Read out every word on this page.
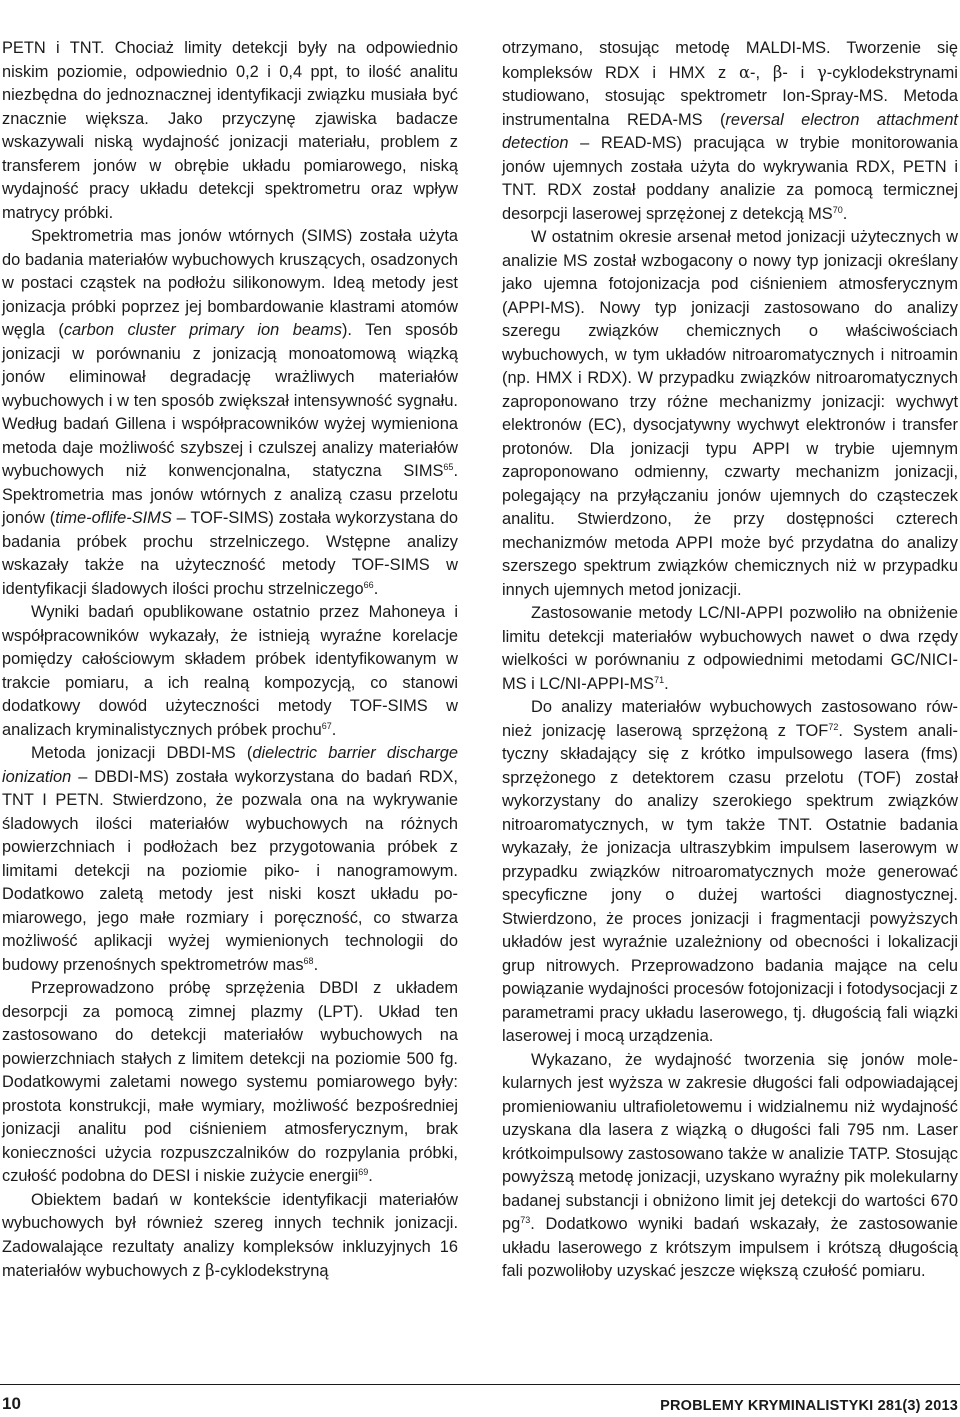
PETN i TNT. Chociaż limity detekcji były na odpowiednio niskim poziomie, odpowiednio 0,2 i 0,4 ppt, to ilość analitu niezbędna do jednoznacznej identyfikacji związku musiała być znacznie większa. Jako przyczynę zjawiska badacze wskazywali niską wydajność jonizacji materiału, problem z transferem jonów w obrębie układu pomiarowego, niską wydajność pracy układu detekcji spektrometru oraz wpływ matrycy próbki.

Spektrometria mas jonów wtórnych (SIMS) została użyta do badania materiałów wybuchowych kruszących, osadzonych w postaci cząstek na podłożu silikonowym. Ideą metody jest jonizacja próbki poprzez jej bombardowanie klastrami atomów węgla (carbon cluster primary ion beams). Ten sposób jonizacji w porównaniu z jonizacją monoatomową wiązką jonów eliminował degradację wrażliwych materiałów wybuchowych i w ten sposób zwiększał intensywność sygnału. Według badań Gillena i współpracowników wyżej wymieniona metoda daje możliwość szybszej i czulszej analizy materiałów wybuchowych niż konwencjonalna, statyczna SIMS$^{65}$. Spektrometria mas jonów wtórnych z analizą czasu przelotu jonów (time-oflife-SIMS – TOF-SIMS) została wykorzystana do badania próbek prochu strzelniczego. Wstępne analizy wskazały także na użyteczność metody TOF-SIMS w identyfikacji śladowych ilości prochu strzelniczego$^{66}$.

Wyniki badań opublikowane ostatnio przez Mahoneya i współpracowników wykazały, że istnieją wyraźne korelacje pomiędzy całościowym składem próbek identyfikowanym w trakcie pomiaru, a ich realną kompozycją, co stanowi dodatkowy dowód użyteczności metody TOF-SIMS w analizach kryminalistycznych próbek prochu$^{67}$.

Metoda jonizacji DBDI-MS (dielectric barrier discharge ionization – DBDI-MS) została wykorzystana do badań RDX, TNT I PETN. Stwierdzono, że pozwala ona na wykrywanie śladowych ilości materiałów wybuchowych na różnych powierzchniach i podłożach bez przygotowania próbek z limitami detekcji na poziomie piko- i nanogramowym. Dodatkowo zaletą metody jest niski koszt układu pomiarowego, jego małe rozmiary i poręczność, co stwarza możliwość aplikacji wyżej wymienionych technologii do budowy przenośnych spektrometrów mas$^{68}$.

Przeprowadzono próbę sprzężenia DBDI z układem desorpcji za pomocą zimnej plazmy (LPT). Układ ten zastosowano do detekcji materiałów wybuchowych na powierzchniach stałych z limitem detekcji na poziomie 500 fg. Dodatkowymi zaletami nowego systemu pomiarowego były: prostota konstrukcji, małe wymiary, możliwość bezpośredniej jonizacji analitu pod ciśnieniem atmosferycznym, brak konieczności użycia rozpuszczalników do rozpylania próbki, czułość podobna do DESI i niskie zużycie energii$^{69}$.

Obiektem badań w kontekście identyfikacji materiałów wybuchowych był również szereg innych technik jonizacji. Zadowalające rezultaty analizy kompleksów inkluzyjnych 16 materiałów wybuchowych z β-cyklodekstryną

otrzymano, stosując metodę MALDI-MS. Tworzenie się kompleksów RDX i HMX z α-, β- i γ-cyklodekstrynami studiowano, stosując spektrometr Ion-Spray-MS. Metoda instrumentalna REDA-MS (reversal electron attachment detection – READ-MS) pracująca w trybie monitorowania jonów ujemnych została użyta do wykrywania RDX, PETN i TNT. RDX został poddany analizie za pomocą termicznej desorpcji laserowej sprzężonej z detekcją MS$^{70}$.

W ostatnim okresie arsenał metod jonizacji użytecznych w analizie MS został wzbogacony o nowy typ jonizacji określany jako ujemna fotojonizacja pod ciśnieniem atmosferycznym (APPI-MS). Nowy typ jonizacji zastosowano do analizy szeregu związków chemicznych o właściwościach wybuchowych, w tym układów nitroaromatycznych i nitroamin (np. HMX i RDX). W przypadku związków nitroaromatycznych zaproponowano trzy różne mechanizmy jonizacji: wychwyt elektronów (EC), dysocjatywny wychwyt elektronów i transfer protonów. Dla jonizacji typu APPI w trybie ujemnym zaproponowano odmienny, czwarty mechanizm jonizacji, polegający na przyłączaniu jonów ujemnych do cząsteczek analitu. Stwierdzono, że przy dostępności czterech mechanizmów metoda APPI może być przydatna do analizy szerszego spektrum związków chemicznych niż w przypadku innych ujemnych metod jonizacji.

Zastosowanie metody LC/NI-APPI pozwoliło na obniżenie limitu detekcji materiałów wybuchowych nawet o dwa rzędy wielkości w porównaniu z odpowiednimi metodami GC/NICI-MS i LC/NI-APPI-MS$^{71}$.

Do analizy materiałów wybuchowych zastosowano również jonizację laserową sprzężoną z TOF$^{72}$. System analityczny składający się z krótko impulsowego lasera (fms) sprzężonego z detektorem czasu przelotu (TOF) został wykorzystany do analizy szerokiego spektrum związków nitroaromatycznych, w tym także TNT. Ostatnie badania wykazały, że jonizacja ultraszybkim impulsem laserowym w przypadku związków nitroaromatycznych może generować specyficzne jony o dużej wartości diagnostycznej. Stwierdzono, że proces jonizacji i fragmentacji powyższych układów jest wyraźnie uzależniony od obecności i lokalizacji grup nitrowych. Przeprowadzono badania mające na celu powiązanie wydajności procesów fotojonizacji i fotodysocjacji z parametrami pracy układu laserowego, tj. długością fali wiązki laserowej i mocą urządzenia.

Wykazano, że wydajność tworzenia się jonów molekularnych jest wyższa w zakresie długości fali odpowiadającej promieniowaniu ultrafioletowemu i widzialnemu niż wydajność uzyskana dla lasera z wiązką o długości fali 795 nm. Laser krótkoimpulsowy zastosowano także w analizie TATP. Stosując powyższą metodę jonizacji, uzyskano wyraźny pik molekularny badanej substancji i obniżono limit jej detekcji do wartości 670 $pg^{73}$. Dodatkowo wyniki badań wskazały, że zastosowanie układu laserowego z krótszym impulsem i krótszą długością fali pozwoliłoby uzyskać jeszcze większą czułość pomiaru.

10	PROBLEMY KRYMINALISTYKI 281(3) 2013
